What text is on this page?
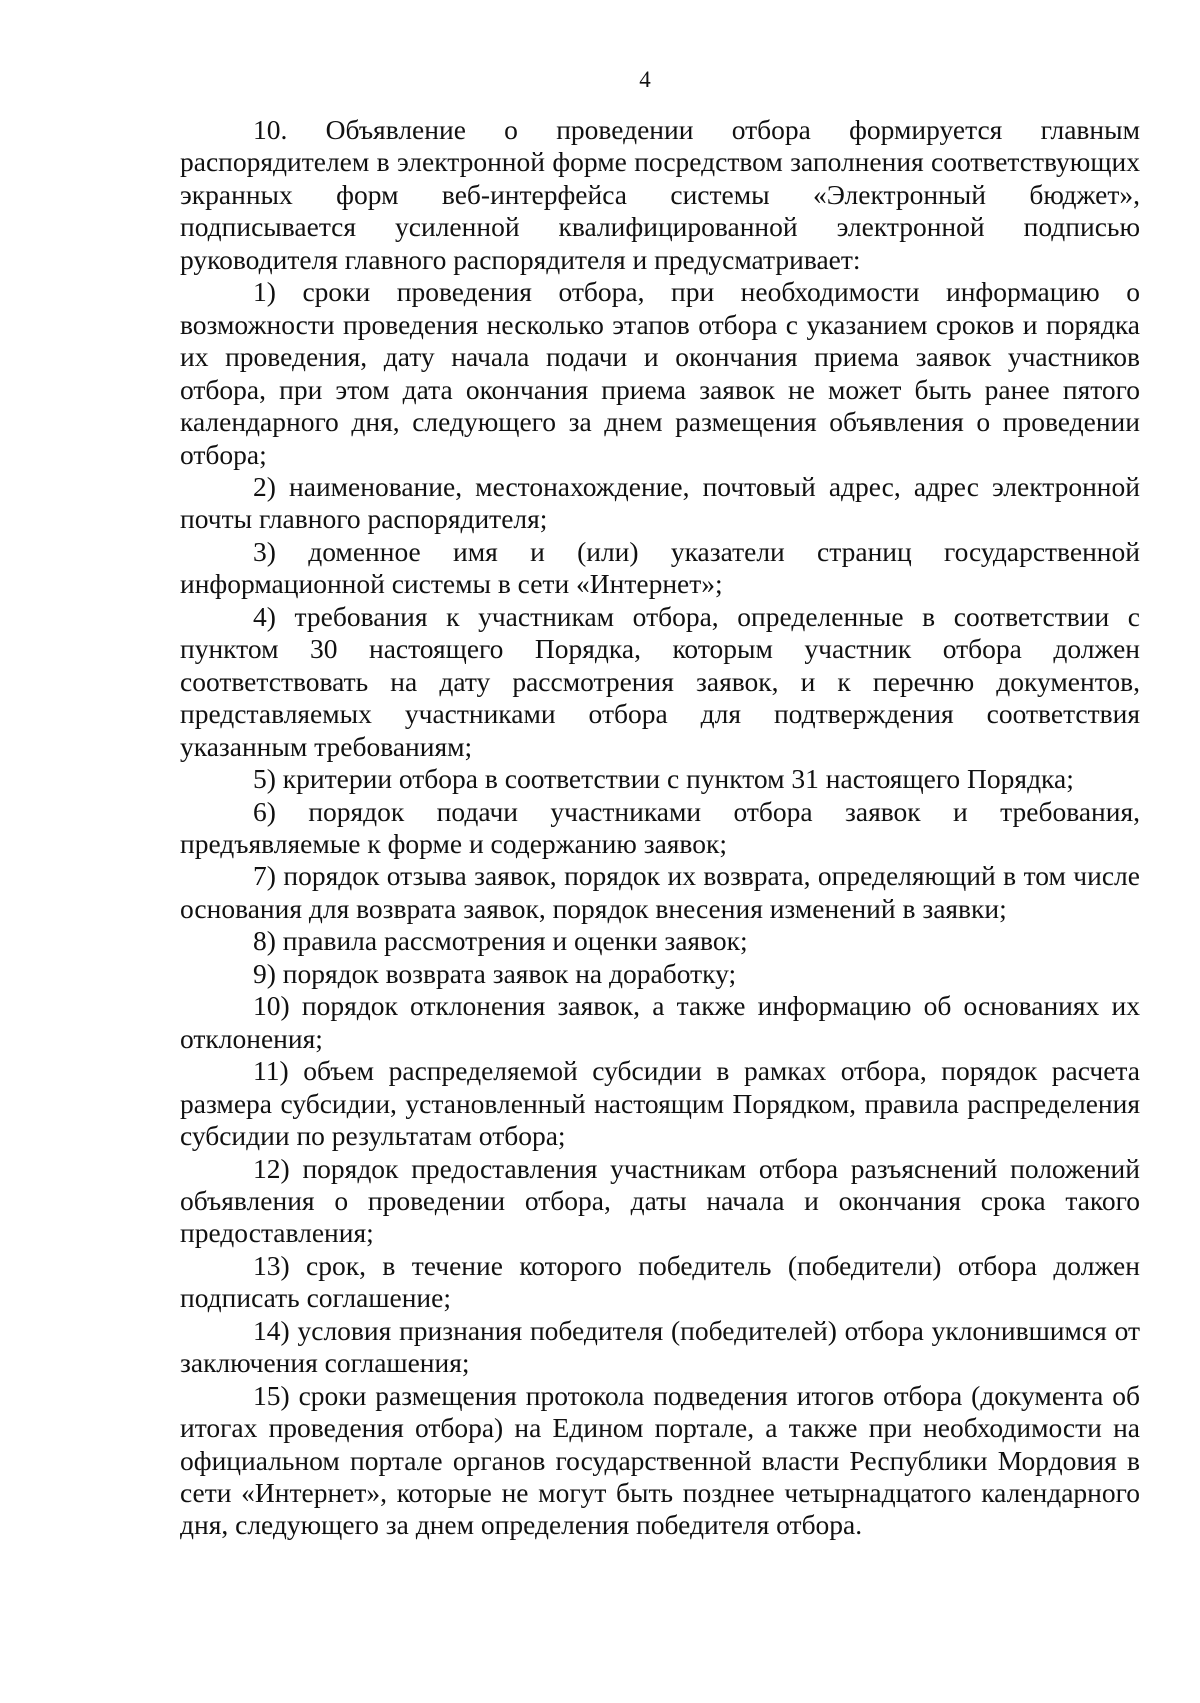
4

10. Объявление о проведении отбора формируется главным распорядителем в электронной форме посредством заполнения соответствующих экранных форм веб-интерфейса системы «Электронный бюджет», подписывается усиленной квалифицированной электронной подписью руководителя главного распорядителя и предусматривает:

1) сроки проведения отбора, при необходимости информацию о возможности проведения несколько этапов отбора с указанием сроков и порядка их проведения, дату начала подачи и окончания приема заявок участников отбора, при этом дата окончания приема заявок не может быть ранее пятого календарного дня, следующего за днем размещения объявления о проведении отбора;

2) наименование, местонахождение, почтовый адрес, адрес электронной почты главного распорядителя;

3) доменное имя и (или) указатели страниц государственной информационной системы в сети «Интернет»;

4) требования к участникам отбора, определенные в соответствии с пунктом 30 настоящего Порядка, которым участник отбора должен соответствовать на дату рассмотрения заявок, и к перечню документов, представляемых участниками отбора для подтверждения соответствия указанным требованиям;

5) критерии отбора в соответствии с пунктом 31 настоящего Порядка;

6) порядок подачи участниками отбора заявок и требования, предъявляемые к форме и содержанию заявок;

7) порядок отзыва заявок, порядок их возврата, определяющий в том числе основания для возврата заявок, порядок внесения изменений в заявки;

8) правила рассмотрения и оценки заявок;

9) порядок возврата заявок на доработку;

10) порядок отклонения заявок, а также информацию об основаниях их отклонения;

11) объем распределяемой субсидии в рамках отбора, порядок расчета размера субсидии, установленный настоящим Порядком, правила распределения субсидии по результатам отбора;

12) порядок предоставления участникам отбора разъяснений положений объявления о проведении отбора, даты начала и окончания срока такого предоставления;

13) срок, в течение которого победитель (победители) отбора должен подписать соглашение;

14) условия признания победителя (победителей) отбора уклонившимся от заключения соглашения;

15) сроки размещения протокола подведения итогов отбора (документа об итогах проведения отбора) на Едином портале, а также при необходимости на официальном портале органов государственной власти Республики Мордовия в сети «Интернет», которые не могут быть позднее четырнадцатого календарного дня, следующего за днем определения победителя отбора.
